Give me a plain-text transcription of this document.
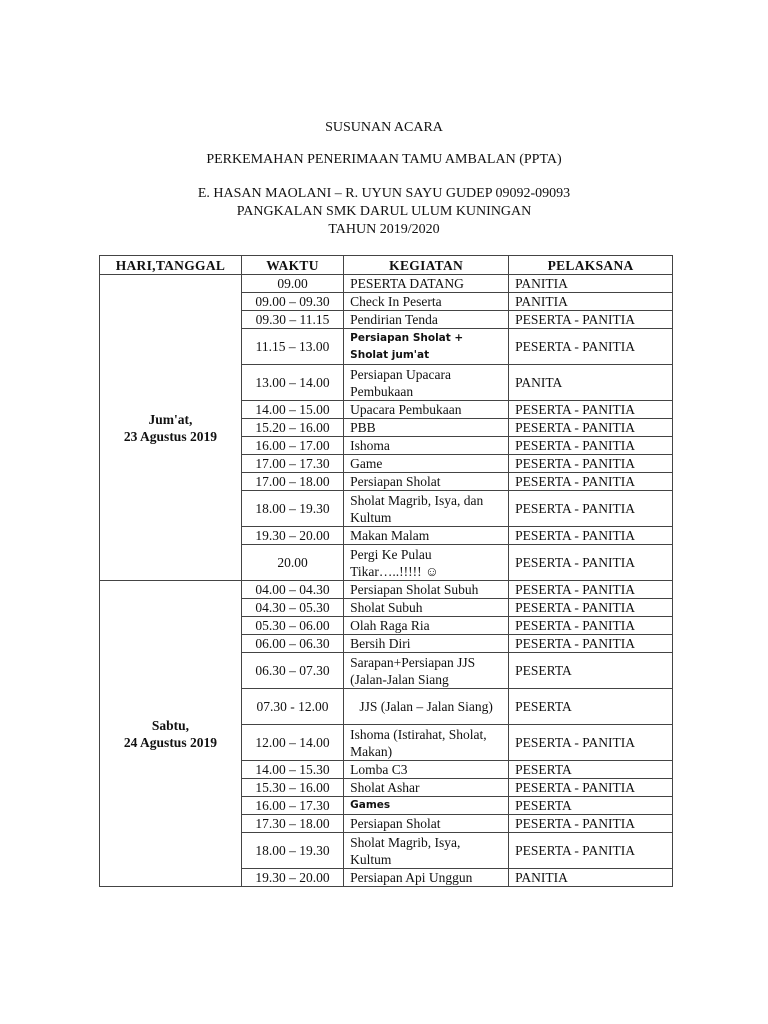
SUSUNAN ACARA
PERKEMAHAN PENERIMAAN TAMU AMBALAN (PPTA)
E. HASAN MAOLANI – R. UYUN SAYU GUDEP 09092-09093
PANGKALAN SMK DARUL ULUM KUNINGAN
TAHUN 2019/2020
HARI,TANGGAL	WAKTU	KEGIATAN	PELAKSANA

Jum'at,
23 Agustus 2019	09.00	PESERTA DATANG	PANITIA
	09.00 – 09.30	Check In Peserta	PANITIA
	09.30 – 11.15	Pendirian Tenda	PESERTA - PANITIA
	11.15 – 13.00	Persiapan Sholat + Sholat jum'at	PESERTA - PANITIA
	13.00 – 14.00	Persiapan Upacara Pembukaan	PANITA
	14.00 – 15.00	Upacara Pembukaan	PESERTA - PANITIA
	15.20 – 16.00	PBB	PESERTA - PANITIA
	16.00 – 17.00	Ishoma	PESERTA - PANITIA
	17.00 – 17.30	Game	PESERTA - PANITIA
	17.00 – 18.00	Persiapan Sholat	PESERTA - PANITIA
	18.00 – 19.30	Sholat Magrib, Isya, dan Kultum	PESERTA - PANITIA
	19.30 – 20.00	Makan Malam	PESERTA - PANITIA
	20.00	Pergi Ke Pulau Tikar…..!!!!! ☺	PESERTA - PANITIA

Sabtu,
24 Agustus 2019	04.00 – 04.30	Persiapan Sholat Subuh	PESERTA - PANITIA
	04.30 – 05.30	Sholat Subuh	PESERTA - PANITIA
	05.30 – 06.00	Olah Raga Ria	PESERTA - PANITIA
	06.00 – 06.30	Bersih Diri	PESERTA - PANITIA
	06.30 – 07.30	Sarapan+Persiapan JJS (Jalan-Jalan Siang	PESERTA
	07.30 - 12.00	JJS (Jalan – Jalan Siang)	PESERTA
	12.00 – 14.00	Ishoma (Istirahat, Sholat, Makan)	PESERTA - PANITIA
	14.00 – 15.30	Lomba C3	PESERTA
	15.30 – 16.00	Sholat Ashar	PESERTA - PANITIA
	16.00 – 17.30	Games	PESERTA
	17.30 – 18.00	Persiapan Sholat	PESERTA - PANITIA
	18.00 – 19.30	Sholat Magrib, Isya, Kultum	PESERTA - PANITIA
	19.30 – 20.00	Persiapan Api Unggun	PANITIA
